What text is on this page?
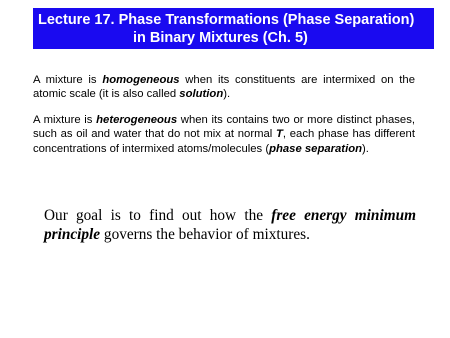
Lecture 17. Phase Transformations (Phase Separation)
in Binary Mixtures (Ch. 5)

A mixture is homogeneous when its constituents are intermixed on the atomic scale (it is also called solution).

A mixture is heterogeneous when its contains two or more distinct phases, such as oil and water that do not mix at normal T, each phase has different concentrations of intermixed atoms/molecules (phase separation).

Our goal is to find out how the free energy minimum principle governs the behavior of mixtures.
